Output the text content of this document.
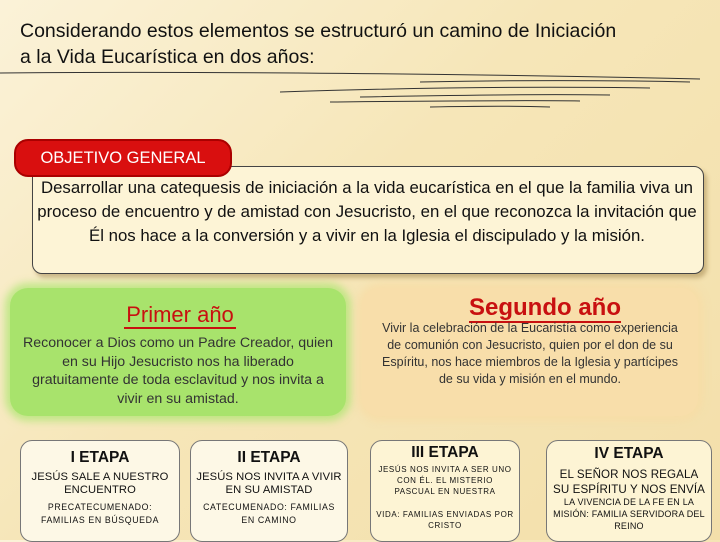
Considerando estos elementos se estructuró un camino de Iniciación a la Vida Eucarística en dos años:
Desarrollar una catequesis de iniciación a la vida eucarística en el que la familia viva un proceso de encuentro y de amistad con Jesucristo, en el que reconozca la invitación que Él nos hace a la conversión y a vivir en la Iglesia el discipulado y la misión.
OBJETIVO GENERAL
Primer año
Reconocer a Dios como un Padre Creador, quien en su Hijo Jesucristo nos ha liberado gratuitamente de toda esclavitud y nos invita a vivir en su amistad.
Segundo año
Vivir la celebración de la Eucaristía como experiencia de comunión con Jesucristo, quien por el don de su Espíritu, nos hace miembros de la Iglesia y partícipes de su vida y misión en el mundo.
I ETAPA
JESÚS SALE A NUESTRO ENCUENTRO
PRECATECUMENADO: FAMILIAS EN BÚSQUEDA
II ETAPA
JESÚS NOS INVITA A VIVIR EN SU AMISTAD
CATECUMENADO: FAMILIAS EN CAMINO
III ETAPA
JESÚS NOS INVITA A SER UNO CON ÉL. EL MISTERIO PASCUAL EN NUESTRA
VIDA: FAMILIAS ENVIADAS POR CRISTO
IV ETAPA
EL SEÑOR NOS REGALA SU ESPÍRITU Y NOS ENVÍA
LA VIVENCIA DE LA FE EN LA MISIÓN: FAMILIA SERVIDORA DEL REINO
